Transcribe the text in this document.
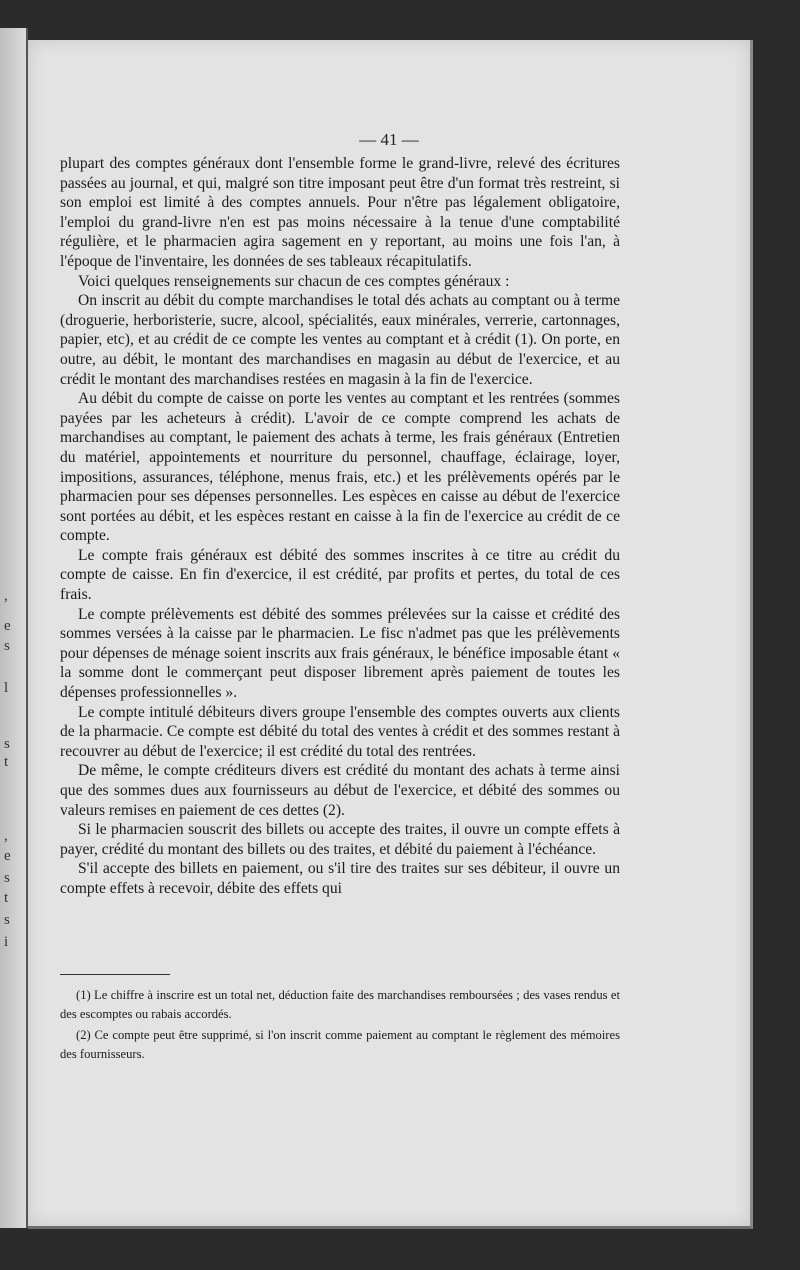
,
e
s
l
s
t
,
e
s
t
s
i
— 41 —

plupart des comptes généraux dont l'ensemble forme le grand-livre, relevé des écritures passées au journal, et qui, malgré son titre imposant peut être d'un format très restreint, si son emploi est limité à des comptes annuels. Pour n'être pas légalement obligatoire, l'emploi du grand-livre n'en est pas moins nécessaire à la tenue d'une comptabilité régulière, et le pharmacien agira sagement en y reportant, au moins une fois l'an, à l'époque de l'inventaire, les données de ses tableaux récapitulatifs.

Voici quelques renseignements sur chacun de ces comptes généraux :

On inscrit au débit du compte marchandises le total dés achats au comptant ou à terme (droguerie, herboristerie, sucre, alcool, spécialités, eaux minérales, verrerie, cartonnages, papier, etc), et au crédit de ce compte les ventes au comptant et à crédit (1). On porte, en outre, au débit, le montant des marchandises en magasin au début de l'exercice, et au crédit le montant des marchandises restées en magasin à la fin de l'exercice.

Au débit du compte de caisse on porte les ventes au comptant et les rentrées (sommes payées par les acheteurs à crédit). L'avoir de ce compte comprend les achats de marchandises au comptant, le paiement des achats à terme, les frais généraux (Entretien du matériel, appointements et nourriture du personnel, chauffage, éclairage, loyer, impositions, assurances, téléphone, menus frais, etc.) et les prélèvements opérés par le pharmacien pour ses dépenses personnelles. Les espèces en caisse au début de l'exercice sont portées au débit, et les espèces restant en caisse à la fin de l'exercice au crédit de ce compte.

Le compte frais généraux est débité des sommes inscrites à ce titre au crédit du compte de caisse. En fin d'exercice, il est crédité, par profits et pertes, du total de ces frais.

Le compte prélèvements est débité des sommes prélevées sur la caisse et crédité des sommes versées à la caisse par le pharmacien. Le fisc n'admet pas que les prélèvements pour dépenses de ménage soient inscrits aux frais généraux, le bénéfice imposable étant « la somme dont le commerçant peut disposer librement après paiement de toutes les dépenses professionnelles ».

Le compte intitulé débiteurs divers groupe l'ensemble des comptes ouverts aux clients de la pharmacie. Ce compte est débité du total des ventes à crédit et des sommes restant à recouvrer au début de l'exercice; il est crédité du total des rentrées.

De même, le compte créditeurs divers est crédité du montant des achats à terme ainsi que des sommes dues aux fournisseurs au début de l'exercice, et débité des sommes ou valeurs remises en paiement de ces dettes (2).

Si le pharmacien souscrit des billets ou accepte des traites, il ouvre un compte effets à payer, crédité du montant des billets ou des traites, et débité du paiement à l'échéance.

S'il accepte des billets en paiement, ou s'il tire des traites sur ses débiteur, il ouvre un compte effets à recevoir, débite des effets qui

(1) Le chiffre à inscrire est un total net, déduction faite des marchandises remboursées ; des vases rendus et des escomptes ou rabais accordés.

(2) Ce compte peut être supprimé, si l'on inscrit comme paiement au comptant le règlement des mémoires des fournisseurs.
